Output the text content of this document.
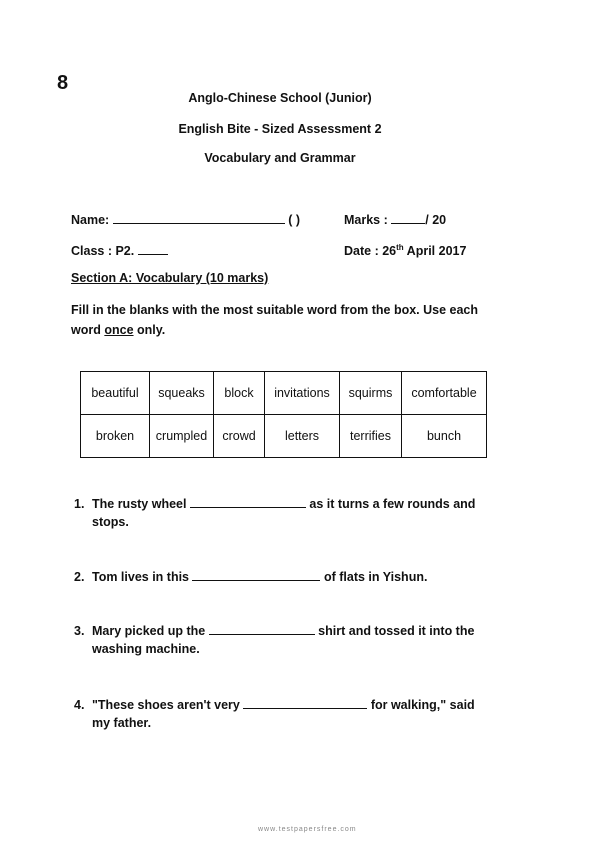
8
Anglo-Chinese School (Junior)
English Bite - Sized Assessment 2
Vocabulary and Grammar
Name:	( )	Marks :	/ 20
Class : P2.	Date : 26th April 2017
Section A: Vocabulary (10 marks)
Fill in the blanks with the most suitable word from the box. Use each word once only.
beautiful	squeaks	block	invitations	squirms	comfortable
broken	crumpled	crowd	letters	terrifies	bunch
1. The rusty wheel	as it turns a few rounds and
stops.
2. Tom lives in this	of flats in Yishun.
3. Mary picked up the	shirt and tossed it into the
washing machine.
4. "These shoes aren't very	for walking," said
my father.
www.testpapersfree.com
